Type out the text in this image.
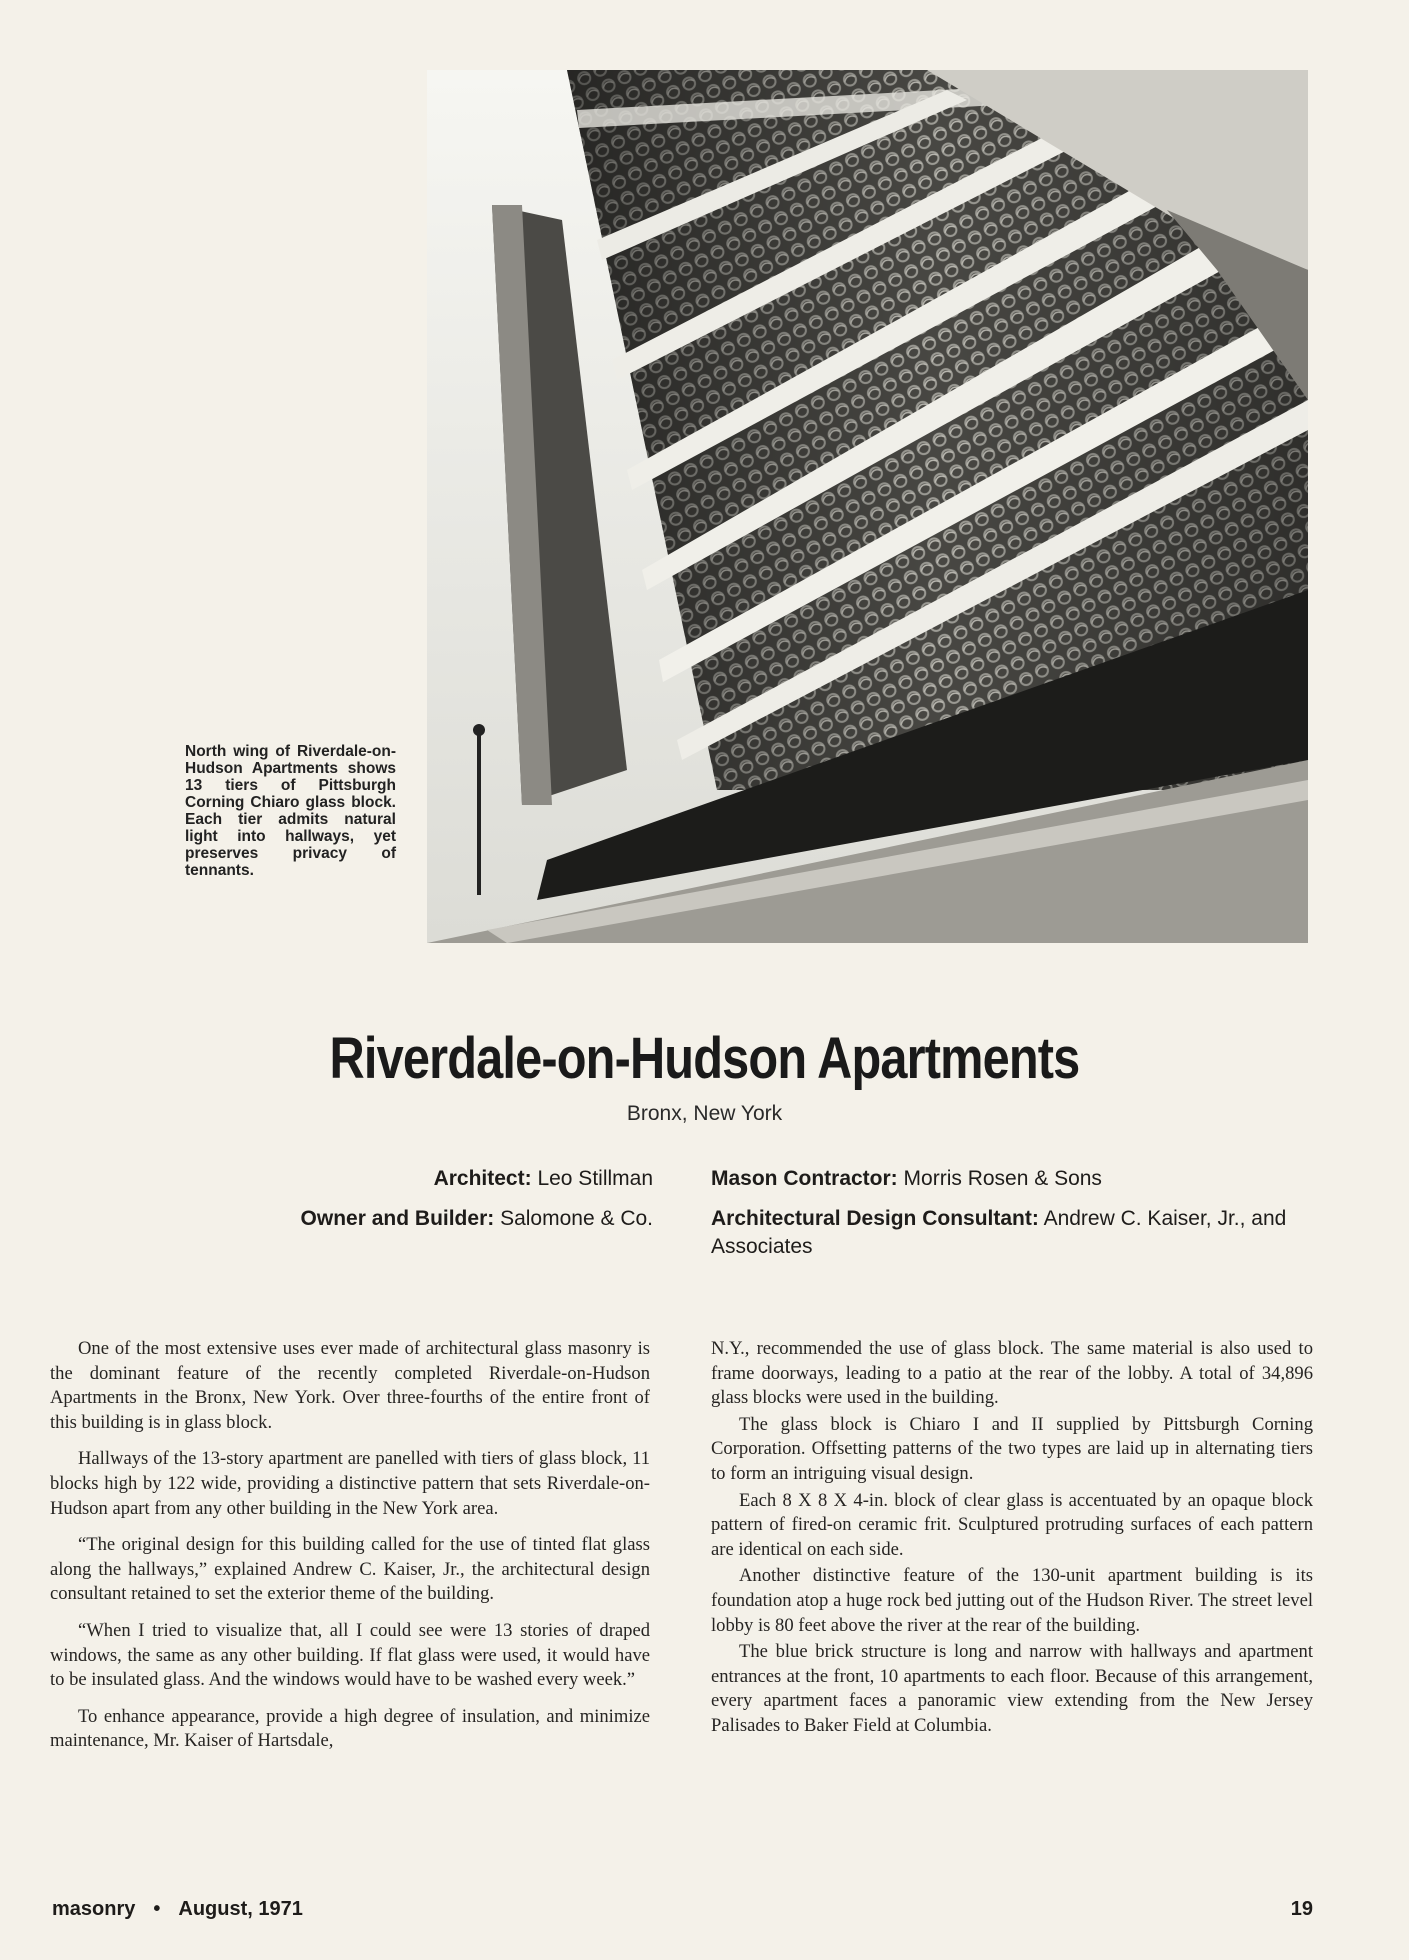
North wing of Riverdale-on-Hudson Apartments shows 13 tiers of Pittsburgh Corning Chiaro glass block. Each tier admits natural light into hallways, yet preserves privacy of tennants.
Riverdale-on-Hudson Apartments
Bronx, New York
Architect: Leo Stillman
Owner and Builder: Salomone & Co.
Mason Contractor: Morris Rosen & Sons
Architectural Design Consultant: Andrew C. Kaiser, Jr., and Associates

One of the most extensive uses ever made of architectural glass masonry is the dominant feature of the recently completed Riverdale-on-Hudson Apartments in the Bronx, New York. Over three-fourths of the entire front of this building is in glass block.

Hallways of the 13-story apartment are panelled with tiers of glass block, 11 blocks high by 122 wide, providing a distinctive pattern that sets Riverdale-on-Hudson apart from any other building in the New York area.

“The original design for this building called for the use of tinted flat glass along the hallways,” explained Andrew C. Kaiser, Jr., the architectural design consultant retained to set the exterior theme of the building.

“When I tried to visualize that, all I could see were 13 stories of draped windows, the same as any other building. If flat glass were used, it would have to be insulated glass. And the windows would have to be washed every week.”

To enhance appearance, provide a high degree of insulation, and minimize maintenance, Mr. Kaiser of Hartsdale,

N.Y., recommended the use of glass block. The same material is also used to frame doorways, leading to a patio at the rear of the lobby. A total of 34,896 glass blocks were used in the building.

The glass block is Chiaro I and II supplied by Pittsburgh Corning Corporation. Offsetting patterns of the two types are laid up in alternating tiers to form an intriguing visual design.

Each 8 X 8 X 4-in. block of clear glass is accentuated by an opaque block pattern of fired-on ceramic frit. Sculptured protruding surfaces of each pattern are identical on each side.

Another distinctive feature of the 130-unit apartment building is its foundation atop a huge rock bed jutting out of the Hudson River. The street level lobby is 80 feet above the river at the rear of the building.

The blue brick structure is long and narrow with hallways and apartment entrances at the front, 10 apartments to each floor. Because of this arrangement, every apartment faces a panoramic view extending from the New Jersey Palisades to Baker Field at Columbia.

masonry • August, 1971	19
